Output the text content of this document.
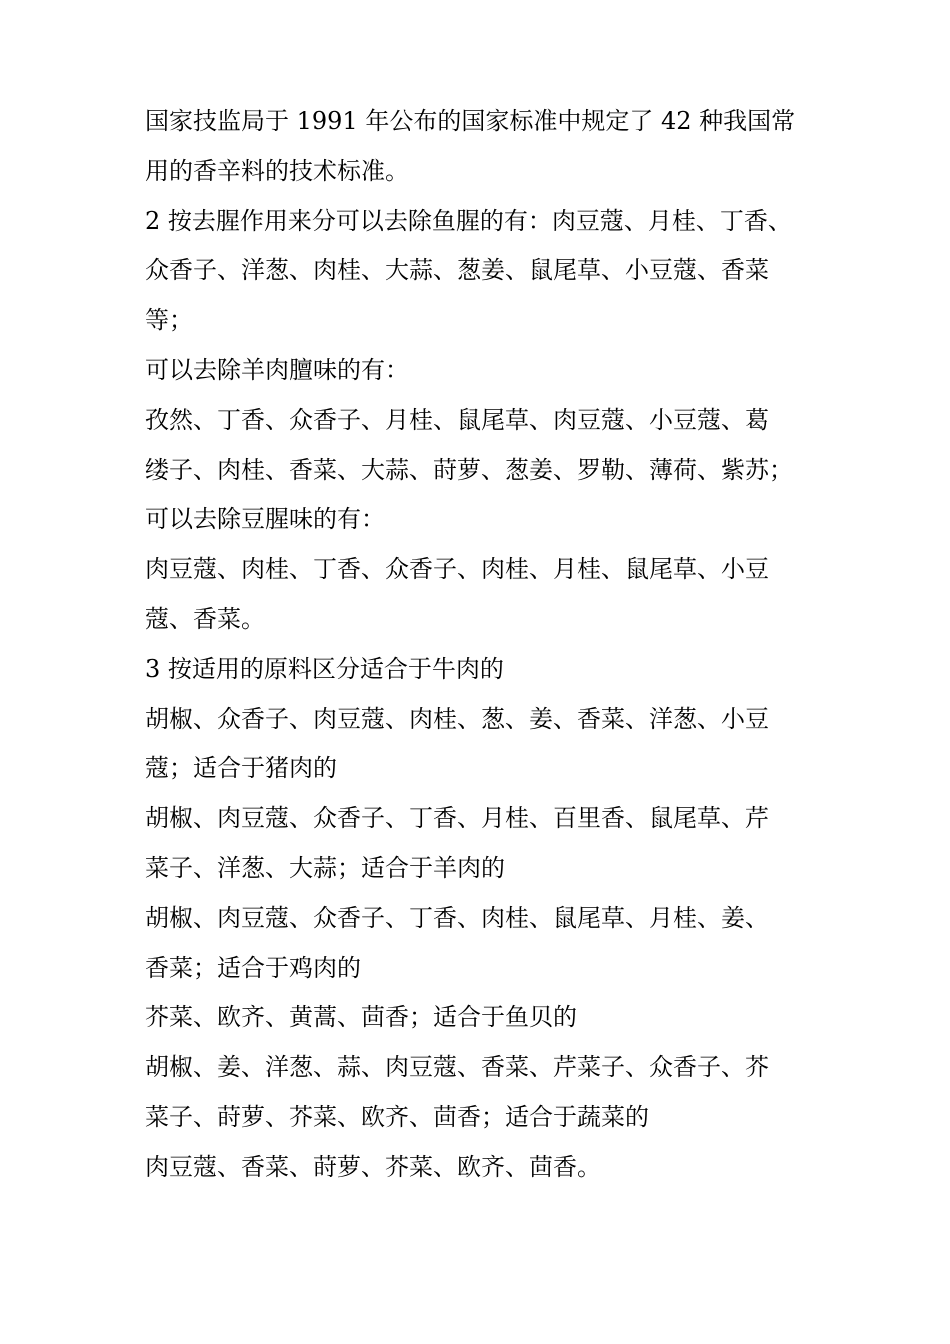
国家技监局于 1991 年公布的国家标准中规定了 42 种我国常
用的香辛料的技术标准。
2 按去腥作用来分可以去除鱼腥的有：肉豆蔻、月桂、丁香、
众香子、洋葱、肉桂、大蒜、葱姜、鼠尾草、小豆蔻、香菜
等；
可以去除羊肉膻味的有：
孜然、丁香、众香子、月桂、鼠尾草、肉豆蔻、小豆蔻、葛
缕子、肉桂、香菜、大蒜、莳萝、葱姜、罗勒、薄荷、紫苏；
可以去除豆腥味的有：
肉豆蔻、肉桂、丁香、众香子、肉桂、月桂、鼠尾草、小豆
蔻、香菜。
3 按适用的原料区分适合于牛肉的
胡椒、众香子、肉豆蔻、肉桂、葱、姜、香菜、洋葱、小豆
蔻；适合于猪肉的
胡椒、肉豆蔻、众香子、丁香、月桂、百里香、鼠尾草、芹
菜子、洋葱、大蒜；适合于羊肉的
胡椒、肉豆蔻、众香子、丁香、肉桂、鼠尾草、月桂、姜、
香菜；适合于鸡肉的
芥菜、欧齐、黄蒿、茴香；适合于鱼贝的
胡椒、姜、洋葱、蒜、肉豆蔻、香菜、芹菜子、众香子、芥
菜子、莳萝、芥菜、欧齐、茴香；适合于蔬菜的
肉豆蔻、香菜、莳萝、芥菜、欧齐、茴香。
